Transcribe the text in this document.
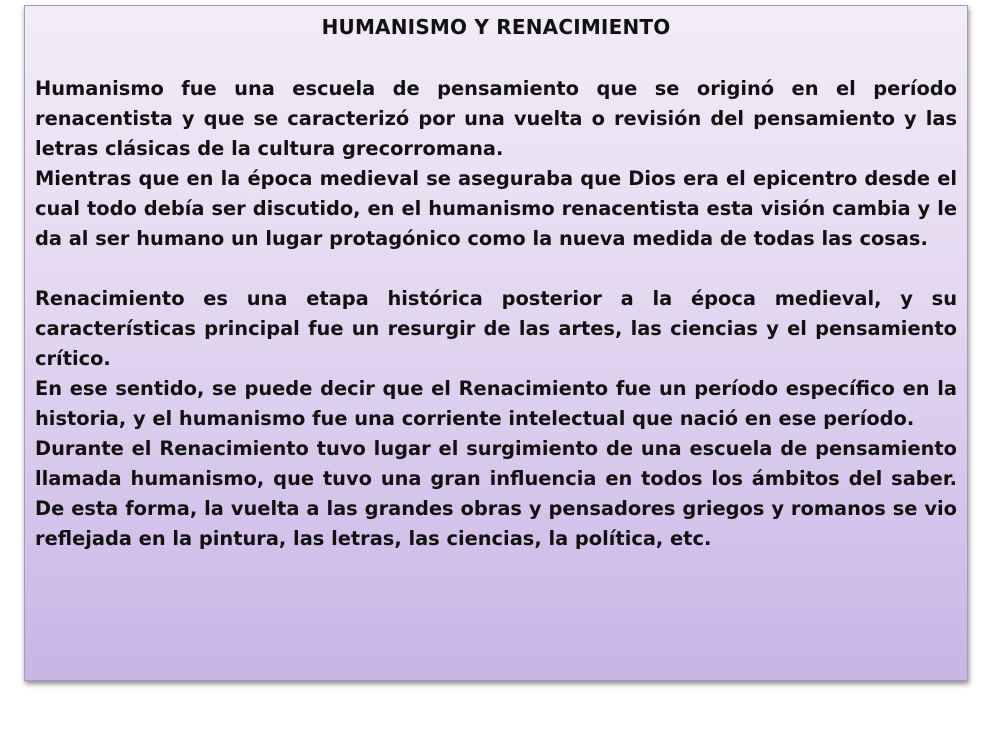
HUMANISMO Y RENACIMIENTO

Humanismo fue una escuela de pensamiento que se originó en el período renacentista y que se caracterizó por una vuelta o revisión del pensamiento y las letras clásicas de la cultura grecorromana.

Mientras que en la época medieval se aseguraba que Dios era el epicentro desde el cual todo debía ser discutido, en el humanismo renacentista esta visión cambia y le da al ser humano un lugar protagónico como la nueva medida de todas las cosas.

Renacimiento es una etapa histórica posterior a la época medieval, y su características principal fue un resurgir de las artes, las ciencias y el pensamiento crítico.

En ese sentido, se puede decir que el Renacimiento fue un período específico en la historia, y el humanismo fue una corriente intelectual que nació en ese período.

Durante el Renacimiento tuvo lugar el surgimiento de una escuela de pensamiento llamada humanismo, que tuvo una gran influencia en todos los ámbitos del saber. De esta forma, la vuelta a las grandes obras y pensadores griegos y romanos se vio reflejada en la pintura, las letras, las ciencias, la política, etc.
